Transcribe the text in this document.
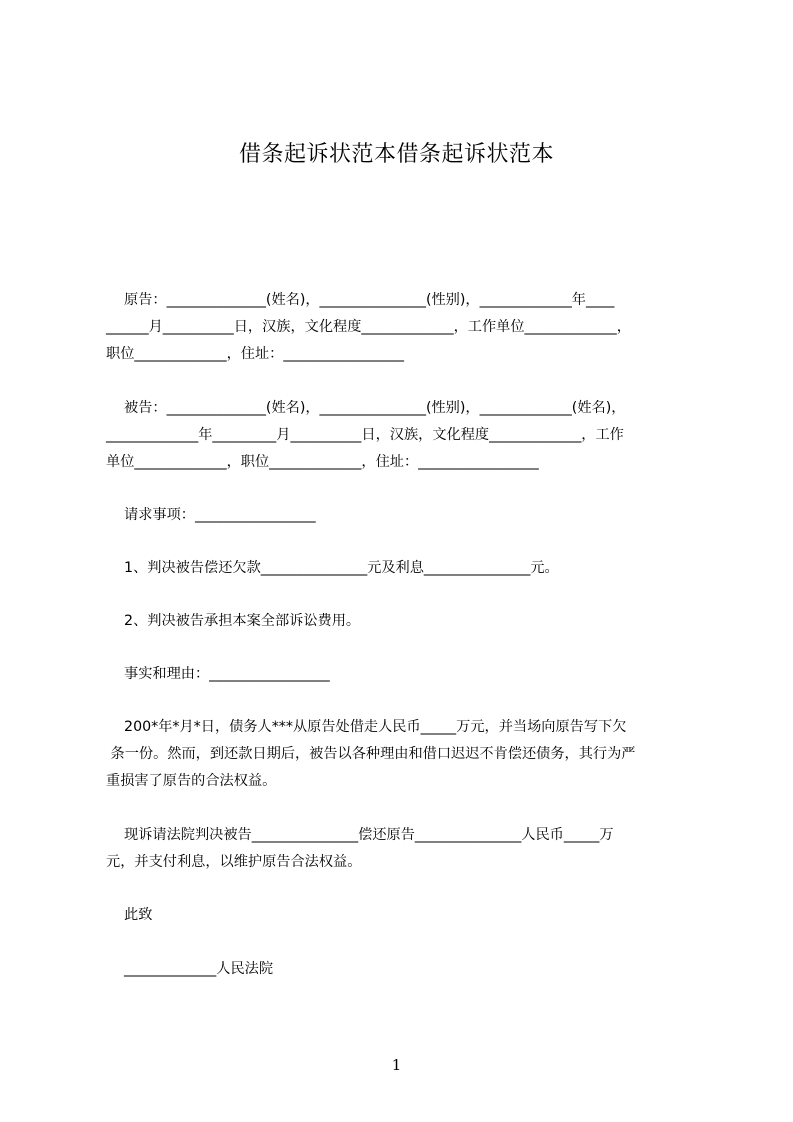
借条起诉状范本借条起诉状范本
原告：______________(姓名)，_______________(性别)，_____________年____
______月__________日，汉族，文化程度_____________，工作单位_____________，
职位_____________，住址：_________________
被告：______________(姓名)，_______________(性别)，_____________(姓名)，
_____________年_________月__________日，汉族，文化程度_____________，工作
单位_____________，职位_____________，住址：_________________
请求事项：_________________
1、判决被告偿还欠款_______________元及利息_______________元。
2、判决被告承担本案全部诉讼费用。
事实和理由：_________________
200*年*月*日，债务人***从原告处借走人民币_____万元，并当场向原告写下欠
条一份。然而，到还款日期后，被告以各种理由和借口迟迟不肯偿还债务，其行为严
重损害了原告的合法权益。
现诉请法院判决被告_______________偿还原告_______________人民币_____万
元，并支付利息，以维护原告合法权益。
此致
_____________人民法院
1
